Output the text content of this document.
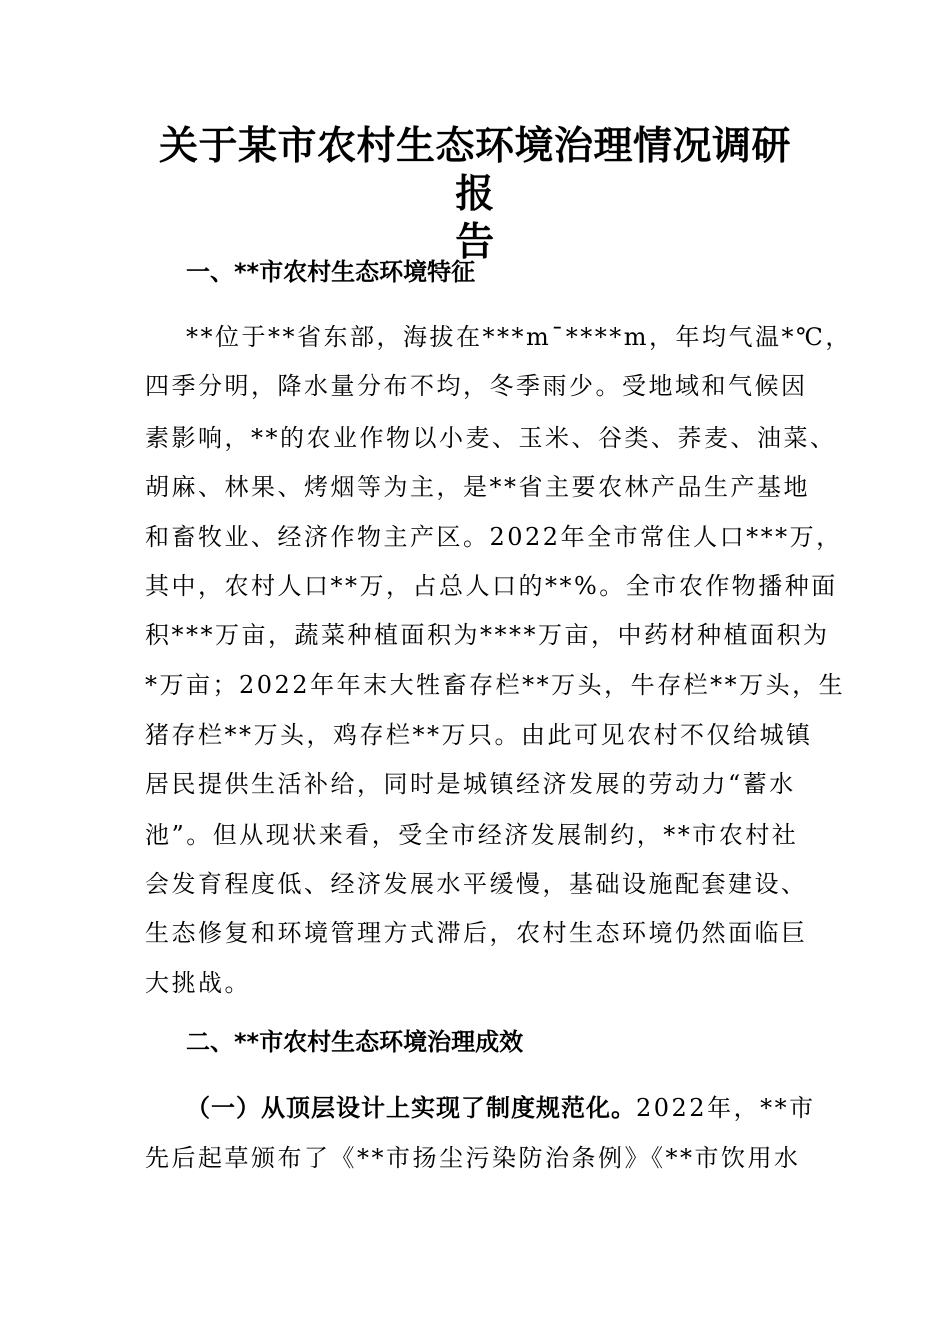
关于某市农村生态环境治理情况调研报
告
一、**市农村生态环境特征
**位于**省东部，海拔在***m¯****m，年均气温*℃，
四季分明，降水量分布不均，冬季雨少。受地域和气候因
素影响，**的农业作物以小麦、玉米、谷类、荞麦、油菜、
胡麻、林果、烤烟等为主，是**省主要农林产品生产基地
和畜牧业、经济作物主产区。2022年全市常住人口***万，
其中，农村人口**万，占总人口的**%。全市农作物播种面
积***万亩，蔬菜种植面积为****万亩，中药材种植面积为
*万亩；2022年年末大牲畜存栏**万头，牛存栏**万头，生
猪存栏**万头，鸡存栏**万只。由此可见农村不仅给城镇
居民提供生活补给，同时是城镇经济发展的劳动力“蓄水
池”。但从现状来看，受全市经济发展制约，**市农村社
会发育程度低、经济发展水平缓慢，基础设施配套建设、
生态修复和环境管理方式滞后，农村生态环境仍然面临巨
大挑战。
二、**市农村生态环境治理成效
（一）从顶层设计上实现了制度规范化。2022年，**市
先后起草颁布了《**市扬尘污染防治条例》《**市饮用水
